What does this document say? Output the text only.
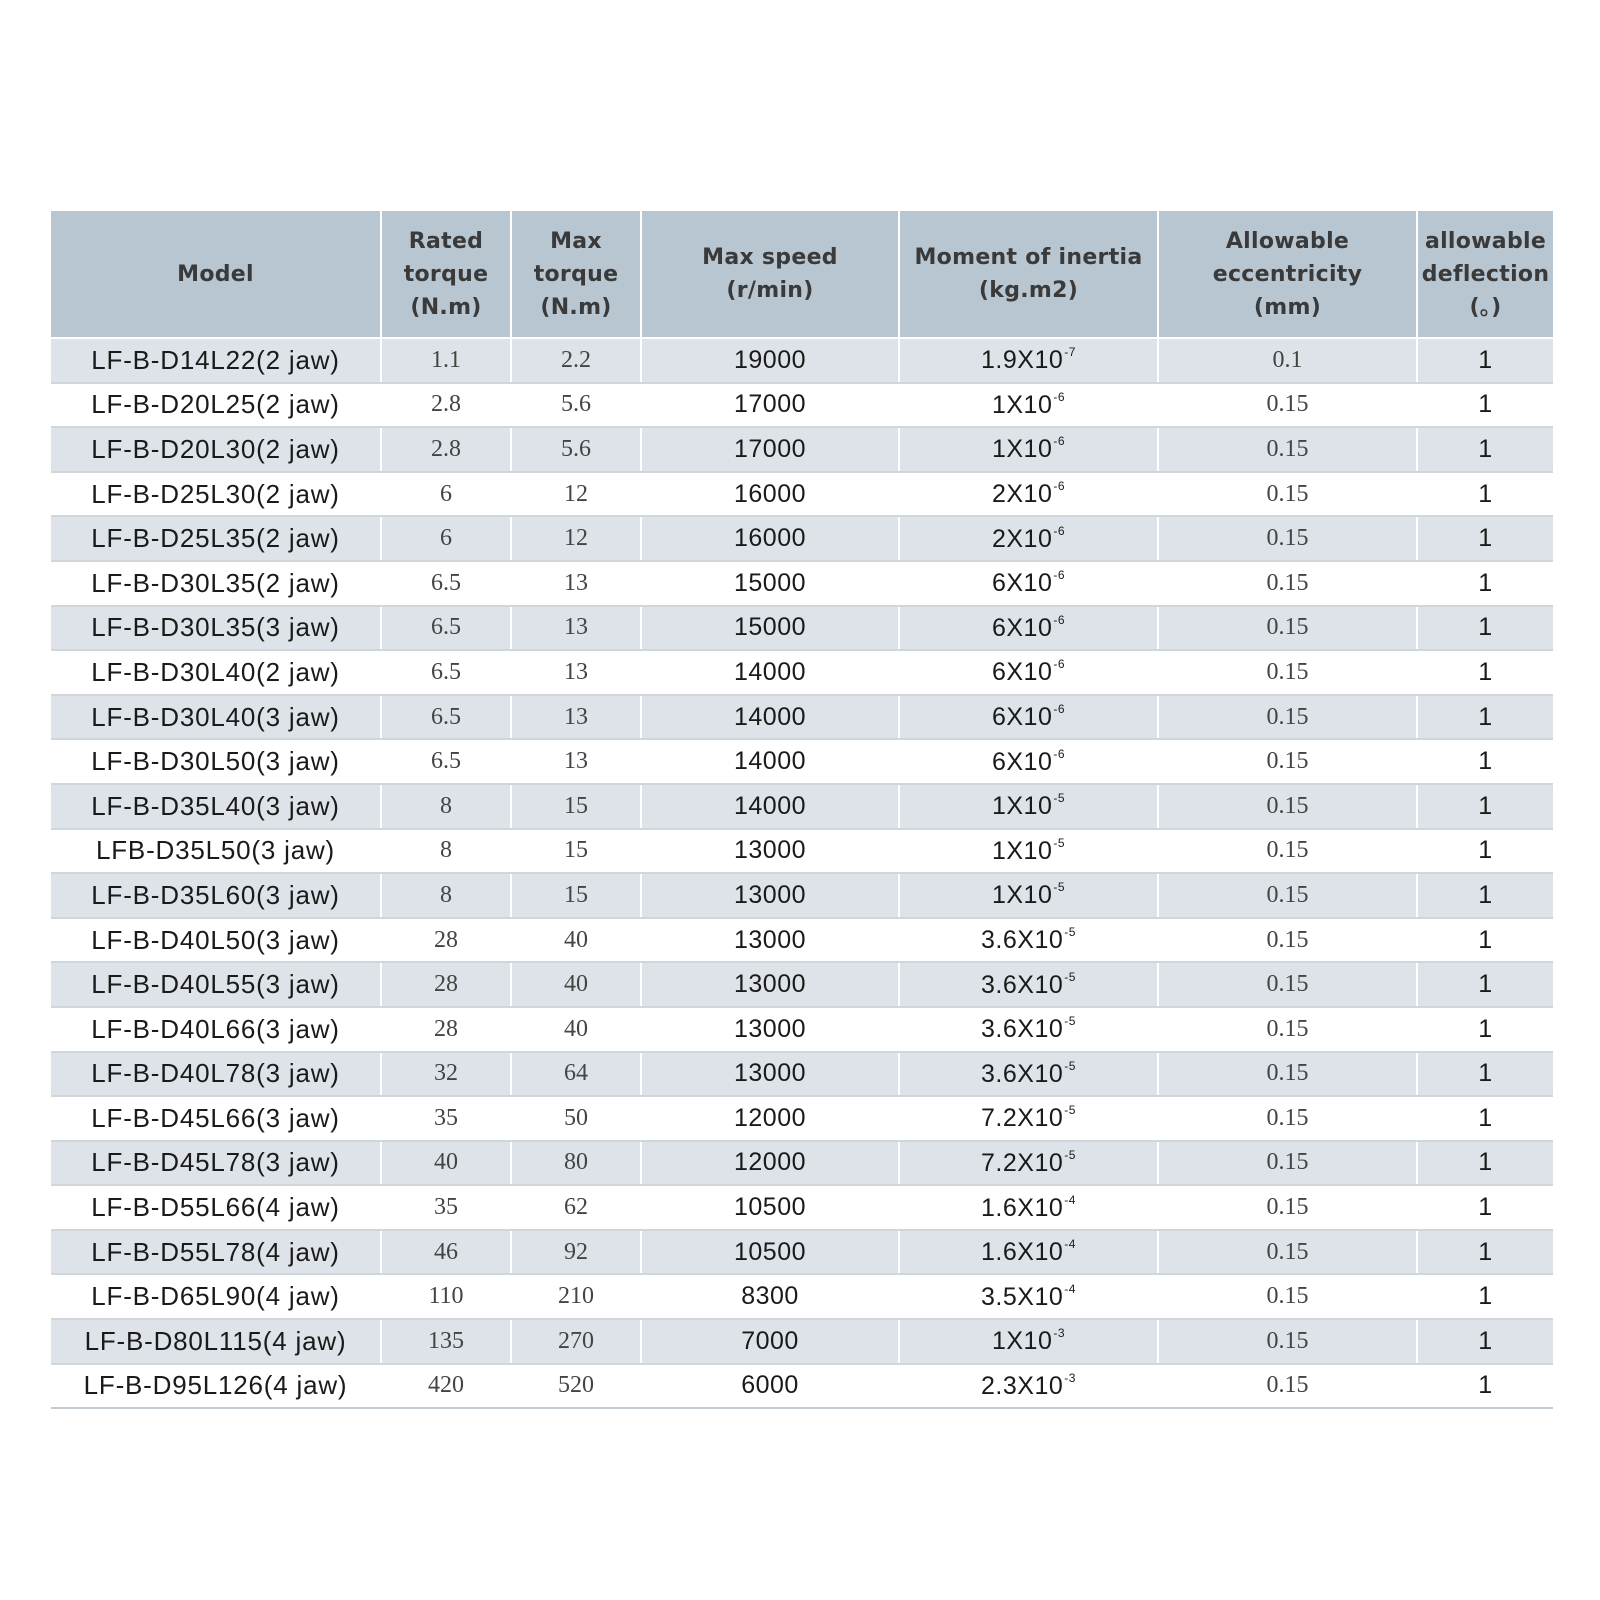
Model	Rated
torque
(N.m)	Max
torque
(N.m)	Max speed
(r/min)	Moment of inertia
(kg.m2)	Allowable
eccentricity
(mm)	allowable
deflection
(。)

LF-B-D14L22(2 jaw)	1.1	2.2	19000	$1.9X10^{-7}$	0.1	1
LF-B-D20L25(2 jaw)	2.8	5.6	17000	$1X10^{-6}$	0.15	1
LF-B-D20L30(2 jaw)	2.8	5.6	17000	$1X10^{-6}$	0.15	1
LF-B-D25L30(2 jaw)	6	12	16000	$2X10^{-6}$	0.15	1
LF-B-D25L35(2 jaw)	6	12	16000	$2X10^{-6}$	0.15	1
LF-B-D30L35(2 jaw)	6.5	13	15000	$6X10^{-6}$	0.15	1
LF-B-D30L35(3 jaw)	6.5	13	15000	$6X10^{-6}$	0.15	1
LF-B-D30L40(2 jaw)	6.5	13	14000	$6X10^{-6}$	0.15	1
LF-B-D30L40(3 jaw)	6.5	13	14000	$6X10^{-6}$	0.15	1
LF-B-D30L50(3 jaw)	6.5	13	14000	$6X10^{-6}$	0.15	1
LF-B-D35L40(3 jaw)	8	15	14000	$1X10^{-5}$	0.15	1
LFB-D35L50(3 jaw)	8	15	13000	$1X10^{-5}$	0.15	1
LF-B-D35L60(3 jaw)	8	15	13000	$1X10^{-5}$	0.15	1
LF-B-D40L50(3 jaw)	28	40	13000	$3.6X10^{-5}$	0.15	1
LF-B-D40L55(3 jaw)	28	40	13000	$3.6X10^{-5}$	0.15	1
LF-B-D40L66(3 jaw)	28	40	13000	$3.6X10^{-5}$	0.15	1
LF-B-D40L78(3 jaw)	32	64	13000	$3.6X10^{-5}$	0.15	1
LF-B-D45L66(3 jaw)	35	50	12000	$7.2X10^{-5}$	0.15	1
LF-B-D45L78(3 jaw)	40	80	12000	$7.2X10^{-5}$	0.15	1
LF-B-D55L66(4 jaw)	35	62	10500	$1.6X10^{-4}$	0.15	1
LF-B-D55L78(4 jaw)	46	92	10500	$1.6X10^{-4}$	0.15	1
LF-B-D65L90(4 jaw)	110	210	8300	$3.5X10^{-4}$	0.15	1
LF-B-D80L115(4 jaw)	135	270	7000	$1X10^{-3}$	0.15	1
LF-B-D95L126(4 jaw)	420	520	6000	$2.3X10^{-3}$	0.15	1
